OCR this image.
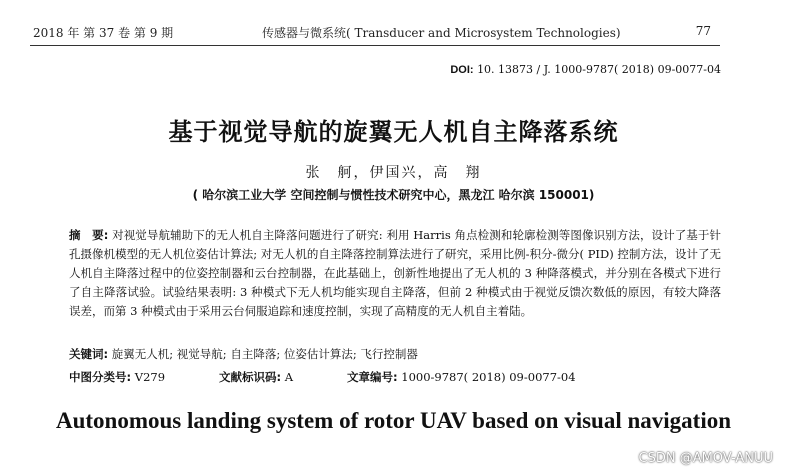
2018 年 第 37 卷 第 9 期	传感器与微系统( Transducer and Microsystem Technologies)	77
DOI: 10. 13873 / J. 1000-9787( 2018) 09-0077-04
基于视觉导航的旋翼无人机自主降落系统
张　舸，伊国兴，高　翔
( 哈尔滨工业大学 空间控制与惯性技术研究中心，黑龙江 哈尔滨 150001)
摘　要: 对视觉导航辅助下的无人机自主降落问题进行了研究: 利用 Harris 角点检测和轮廓检测等图像识别方法，设计了基于针孔摄像机模型的无人机位姿估计算法; 对无人机的自主降落控制算法进行了研究，采用比例-积分-微分( PID) 控制方法，设计了无人机自主降落过程中的位姿控制器和云台控制器，在此基础上，创新性地提出了无人机的 3 种降落模式，并分别在各模式下进行了自主降落试验。试验结果表明: 3 种模式下无人机均能实现自主降落，但前 2 种模式由于视觉反馈次数低的原因，有较大降落误差，而第 3 种模式由于采用云台伺服追踪和速度控制，实现了高精度的无人机自主着陆。
关键词: 旋翼无人机; 视觉导航; 自主降落; 位姿估计算法; 飞行控制器
中图分类号: V279	文献标识码: A	文章编号: 1000-9787( 2018) 09-0077-04
Autonomous landing system of rotor UAV based on visual navigation
CSDN @AMOV-ANUU
